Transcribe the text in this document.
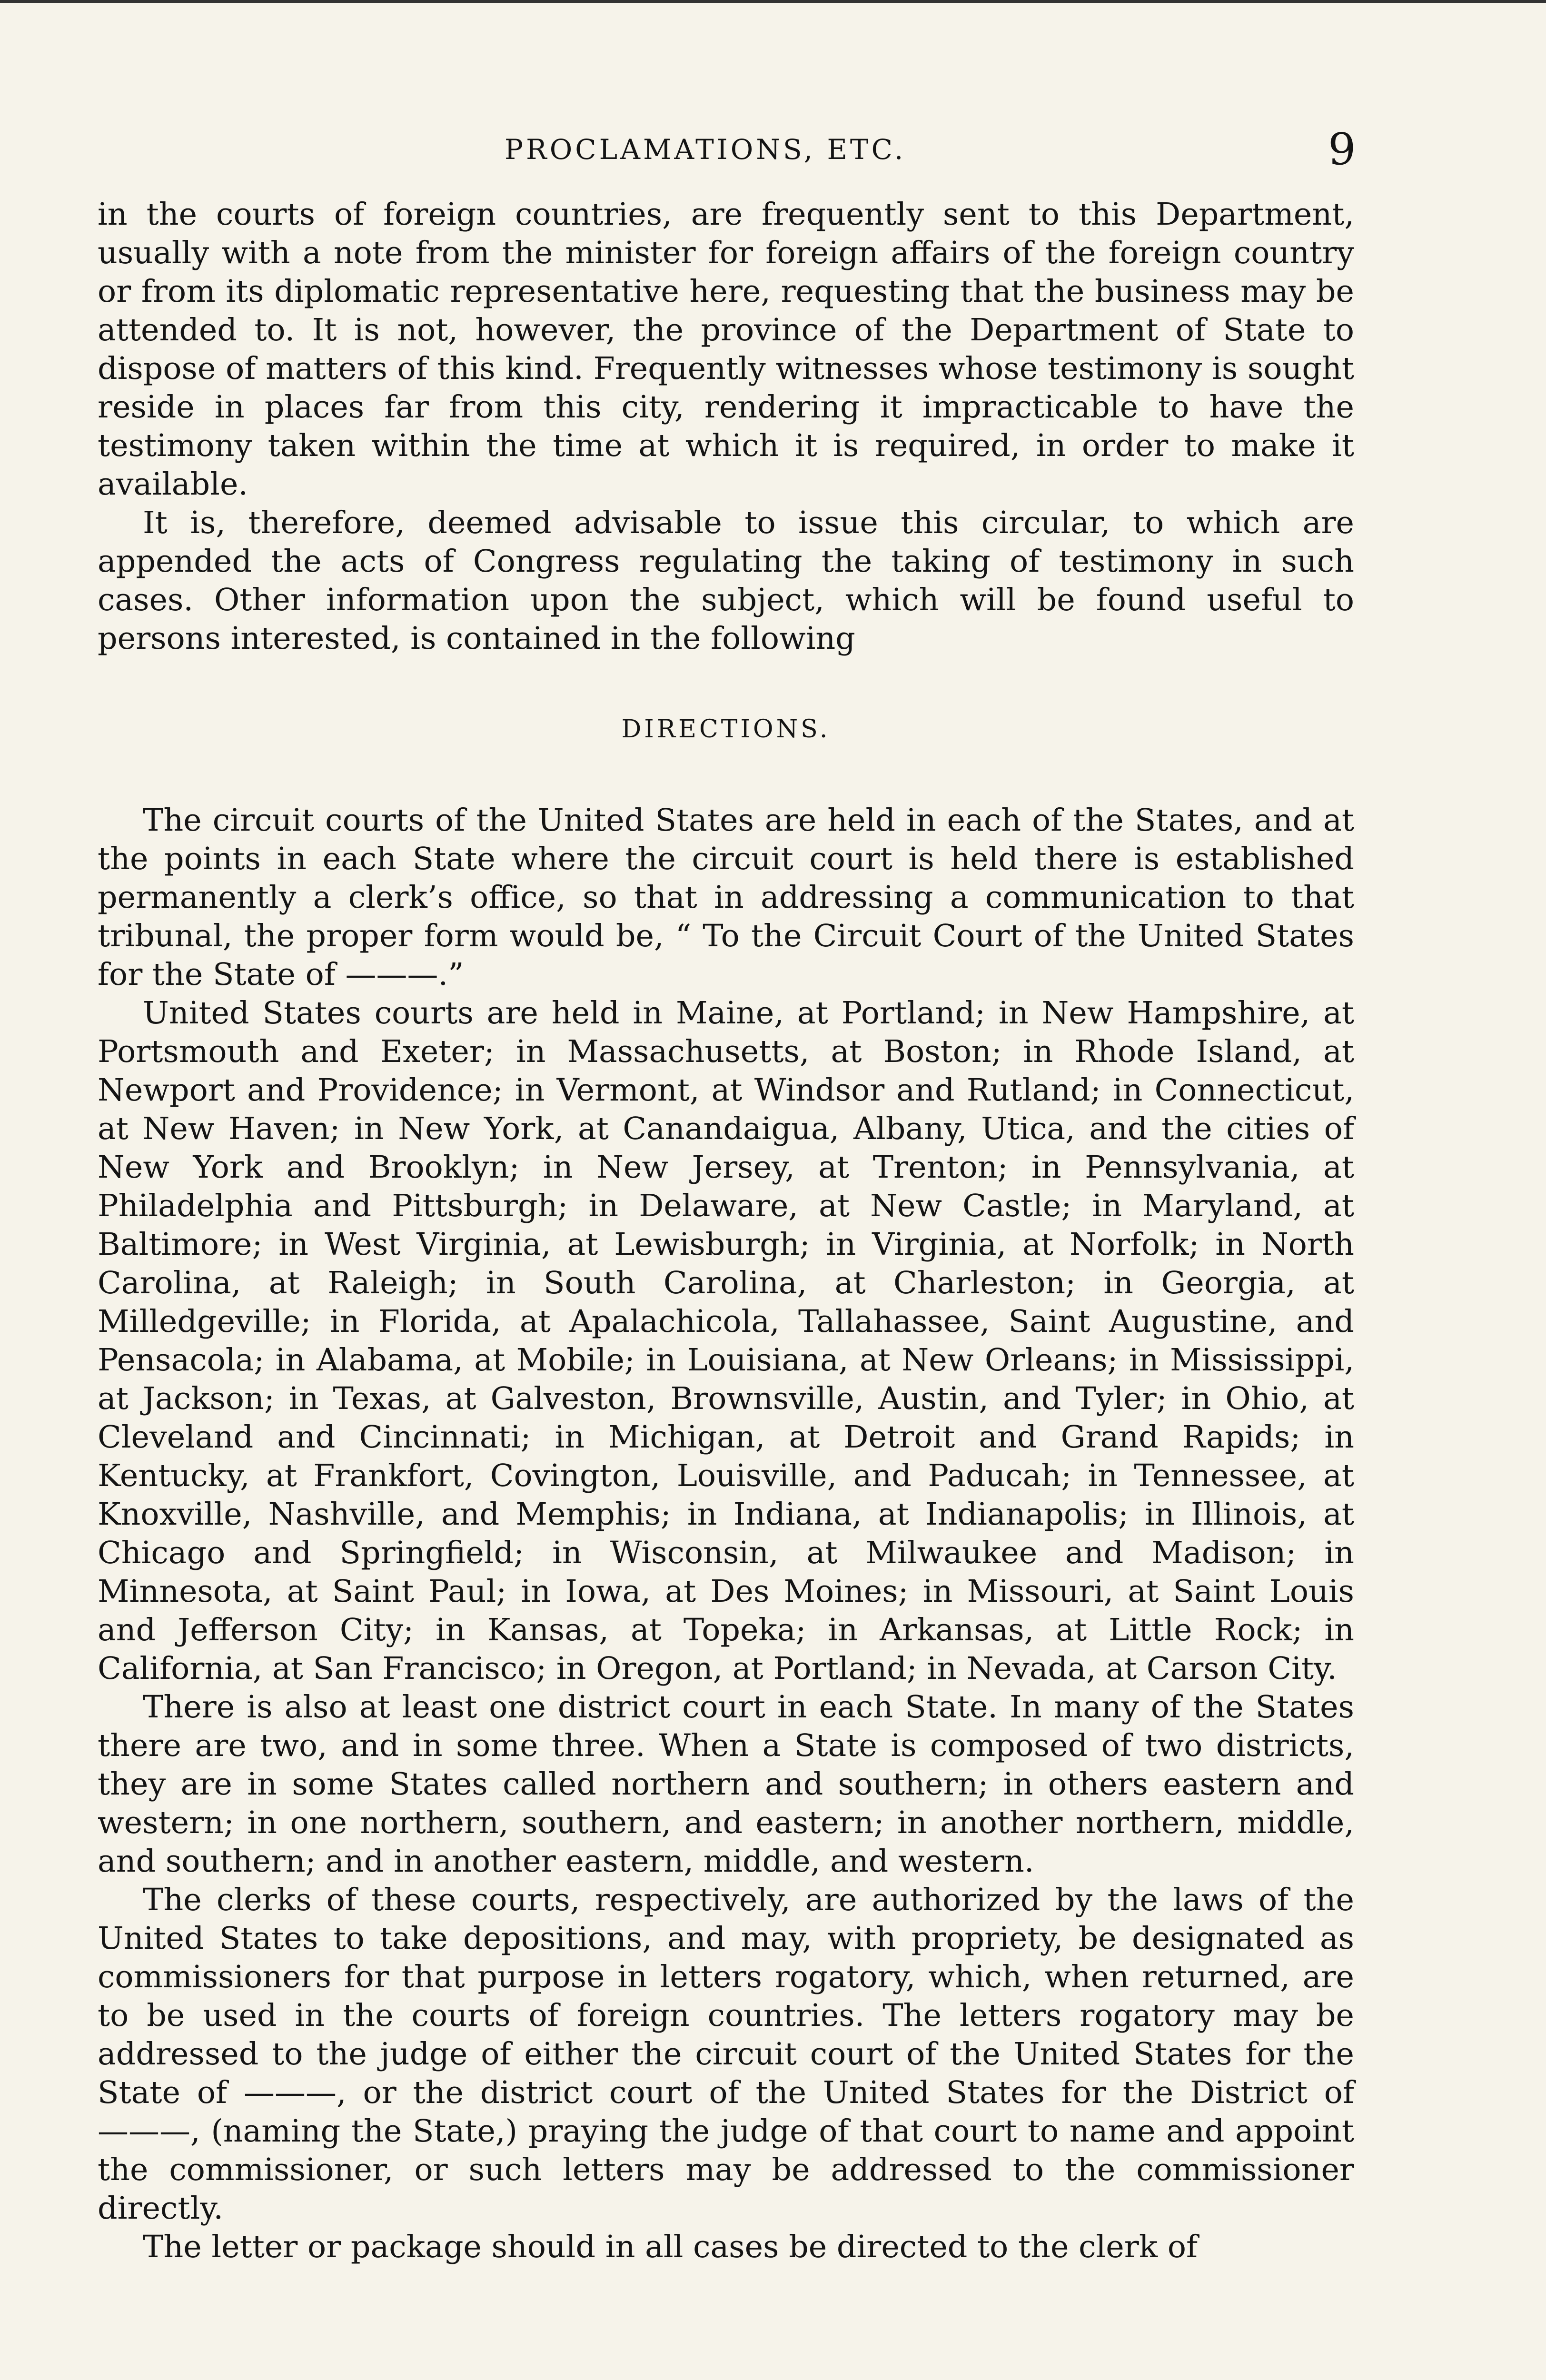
PROCLAMATIONS, ETC.	9

in the courts of foreign countries, are frequently sent to this Department, usually with a note from the minister for foreign affairs of the foreign country or from its diplomatic representative here, requesting that the business may be attended to. It is not, however, the province of the Department of State to dispose of matters of this kind. Frequently witnesses whose testimony is sought reside in places far from this city, rendering it impracticable to have the testimony taken within the time at which it is required, in order to make it available.

It is, therefore, deemed advisable to issue this circular, to which are appended the acts of Congress regulating the taking of testimony in such cases. Other information upon the subject, which will be found useful to persons interested, is contained in the following

DIRECTIONS.

The circuit courts of the United States are held in each of the States, and at the points in each State where the circuit court is held there is established permanently a clerk’s office, so that in addressing a communication to that tribunal, the proper form would be, “ To the Circuit Court of the United States for the State of ———.”

United States courts are held in Maine, at Portland; in New Hampshire, at Portsmouth and Exeter; in Massachusetts, at Boston; in Rhode Island, at Newport and Providence; in Vermont, at Windsor and Rutland; in Connecticut, at New Haven; in New York, at Canandaigua, Albany, Utica, and the cities of New York and Brooklyn; in New Jersey, at Trenton; in Pennsylvania, at Philadelphia and Pittsburgh; in Delaware, at New Castle; in Maryland, at Baltimore; in West Virginia, at Lewisburgh; in Virginia, at Norfolk; in North Carolina, at Raleigh; in South Carolina, at Charleston; in Georgia, at Milledgeville; in Florida, at Apalachicola, Tallahassee, Saint Augustine, and Pensacola; in Alabama, at Mobile; in Louisiana, at New Orleans; in Mississippi, at Jackson; in Texas, at Galveston, Brownsville, Austin, and Tyler; in Ohio, at Cleveland and Cincinnati; in Michigan, at Detroit and Grand Rapids; in Kentucky, at Frankfort, Covington, Louisville, and Paducah; in Tennessee, at Knoxville, Nashville, and Memphis; in Indiana, at Indianapolis; in Illinois, at Chicago and Springfield; in Wisconsin, at Milwaukee and Madison; in Minnesota, at Saint Paul; in Iowa, at Des Moines; in Missouri, at Saint Louis and Jefferson City; in Kansas, at Topeka; in Arkansas, at Little Rock; in California, at San Francisco; in Oregon, at Portland; in Nevada, at Carson City.

There is also at least one district court in each State. In many of the States there are two, and in some three. When a State is composed of two districts, they are in some States called northern and southern; in others eastern and western; in one northern, southern, and eastern; in another northern, middle, and southern; and in another eastern, middle, and western.

The clerks of these courts, respectively, are authorized by the laws of the United States to take depositions, and may, with propriety, be designated as commissioners for that purpose in letters rogatory, which, when returned, are to be used in the courts of foreign countries. The letters rogatory may be addressed to the judge of either the circuit court of the United States for the State of ———, or the district court of the United States for the District of ———, (naming the State,) praying the judge of that court to name and appoint the commissioner, or such letters may be addressed to the commissioner directly.

The letter or package should in all cases be directed to the clerk of
